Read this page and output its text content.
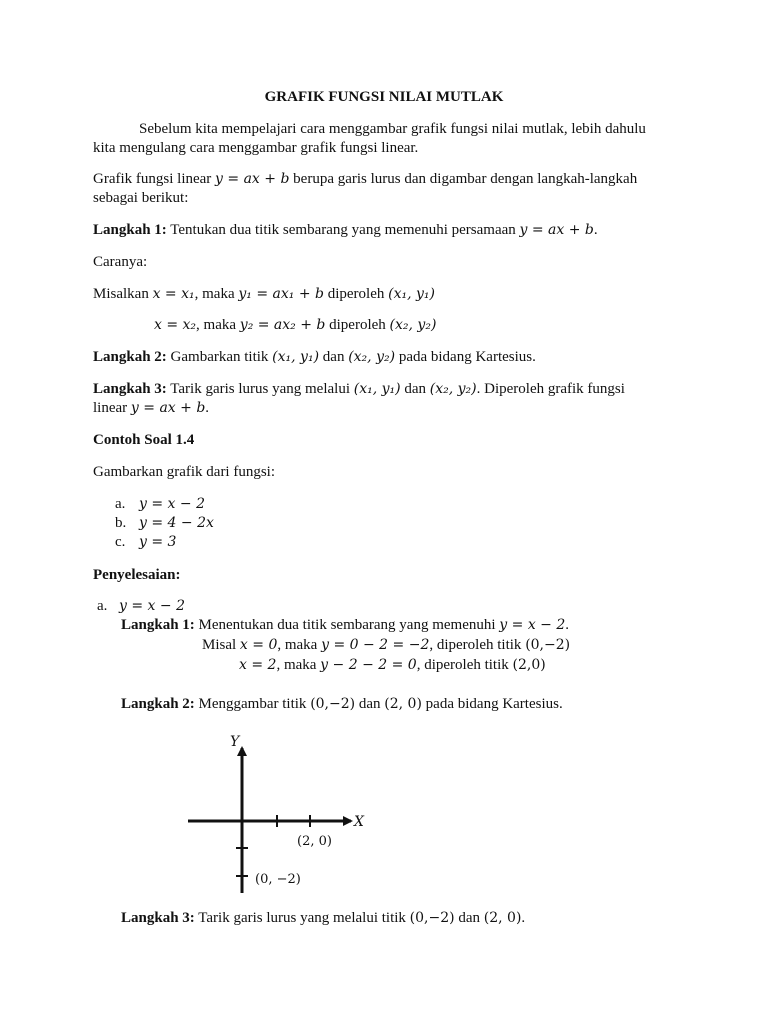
GRAFIK FUNGSI NILAI MUTLAK
Sebelum kita mempelajari cara menggambar grafik fungsi nilai mutlak, lebih dahulu
kita mengulang cara menggambar grafik fungsi linear.
Grafik fungsi linear y = ax + b berupa garis lurus dan digambar dengan langkah-langkah
sebagai berikut:
Langkah 1: Tentukan dua titik sembarang yang memenuhi persamaan y = ax + b.
Caranya:
Misalkan x = x₁, maka y₁ = ax₁ + b diperoleh (x₁, y₁)
x = x₂, maka y₂ = ax₂ + b diperoleh (x₂, y₂)
Langkah 2: Gambarkan titik (x₁, y₁) dan (x₂, y₂) pada bidang Kartesius.
Langkah 3: Tarik garis lurus yang melalui (x₁, y₁) dan (x₂, y₂). Diperoleh grafik fungsi
linear y = ax + b.
Contoh Soal 1.4
Gambarkan grafik dari fungsi:
a. y = x − 2
b. y = 4 − 2x
c. y = 3
Penyelesaian:
a. y = x − 2
Langkah 1: Menentukan dua titik sembarang yang memenuhi y = x − 2.
Misal x = 0, maka y = 0 − 2 = −2, diperoleh titik (0,−2)
x = 2, maka y − 2 − 2 = 0, diperoleh titik (2,0)
Langkah 2: Menggambar titik (0,−2) dan (2, 0) pada bidang Kartesius.
Y
X
(2, 0)
(0, −2)
Langkah 3: Tarik garis lurus yang melalui titik (0,−2) dan (2, 0).
